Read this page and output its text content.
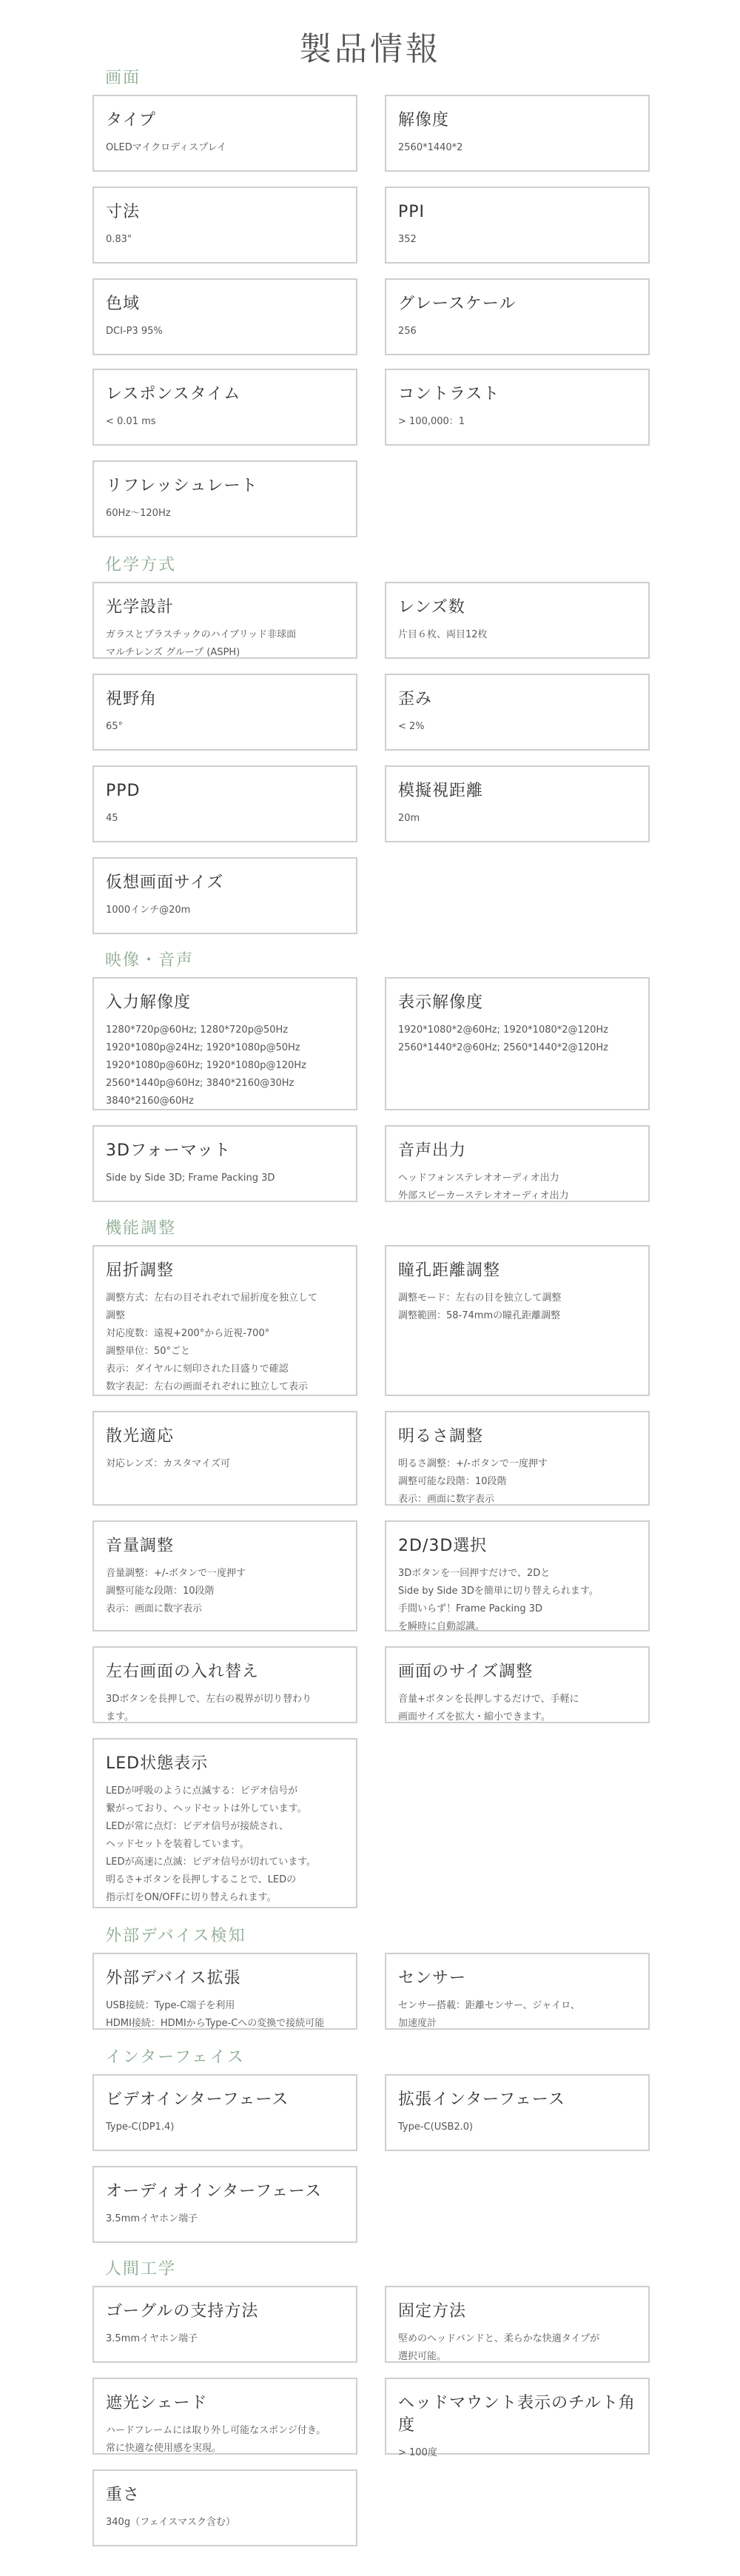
製品情報
タイプ
OLEDマイクロディスプレイ
解像度
2560*1440*2
寸法
0.83"
PPI
352
色域
DCI-P3 95%
グレースケール
256
レスポンスタイム
< 0.01 ms
コントラスト
> 100,000：1
リフレッシュレート
60Hz～120Hz
光学設計
ガラスとプラスチックのハイブリッド非球面
マルチレンズ グループ (ASPH)
レンズ数
片目６枚、両目12枚
視野角
65°
歪み
< 2%
PPD
45
模擬視距離
20m
仮想画面サイズ
1000インチ@20m
入力解像度
1280*720p@60Hz; 1280*720p@50Hz
1920*1080p@24Hz; 1920*1080p@50Hz
1920*1080p@60Hz; 1920*1080p@120Hz
2560*1440p@60Hz; 3840*2160@30Hz
3840*2160@60Hz
表示解像度
1920*1080*2@60Hz; 1920*1080*2@120Hz
2560*1440*2@60Hz; 2560*1440*2@120Hz
3Dフォーマット
Side by Side 3D; Frame Packing 3D
音声出力
ヘッドフォンステレオオーディオ出力
外部スピーカーステレオオーディオ出力
屈折調整
調整方式：左右の目それぞれで屈折度を独立して
調整
対応度数：遠視+200°から近視-700°
調整単位：50°ごと
表示：ダイヤルに刻印された目盛りで確認
数字表記：左右の画面それぞれに独立して表示
瞳孔距離調整
調整モード：左右の目を独立して調整
調整範囲：58-74mmの瞳孔距離調整
散光適応
対応レンズ：カスタマイズ可
明るさ調整
明るさ調整：+/-ボタンで一度押す
調整可能な段階：10段階
表示：画面に数字表示
音量調整
音量調整：+/-ボタンで一度押す
調整可能な段階：10段階
表示：画面に数字表示
2D/3D選択
3Dボタンを一回押すだけで、2Dと
Side by Side 3Dを簡単に切り替えられます。
手間いらず！Frame Packing 3D
を瞬時に自動認識。
左右画面の入れ替え
3Dボタンを長押しで、左右の視界が切り替わり
ます。
画面のサイズ調整
音量+ボタンを長押しするだけで、手軽に
画面サイズを拡大・縮小できます。
LED状態表示
LEDが呼吸のように点滅する：ビデオ信号が
繋がっており、ヘッドセットは外しています。
LEDが常に点灯：ビデオ信号が接続され、
ヘッドセットを装着しています。
LEDが高速に点滅：ビデオ信号が切れています。
明るさ+ボタンを長押しすることで、LEDの
指示灯をON/OFFに切り替えられます。
外部デバイス拡張
USB接続：Type-C端子を利用
HDMI接続：HDMIからType-Cへの変換で接続可能
センサー
センサー搭載：距離センサー、ジャイロ、
加速度計
ビデオインターフェース
Type-C(DP1.4)
拡張インターフェース
Type-C(USB2.0)
オーディオインターフェース
3.5mmイヤホン端子
ゴーグルの支持方法
3.5mmイヤホン端子
固定方法
堅めのヘッドバンドと、柔らかな快適タイプが
選択可能。
遮光シェード
ハードフレームには取り外し可能なスポンジ付き。
常に快適な使用感を実現。
ヘッドマウント表示のチルト角度
> 100度
重さ
340g（フェイスマスク含む）
画面
化学方式
映像・音声
機能調整
外部デバイス検知
インターフェイス
人間工学
